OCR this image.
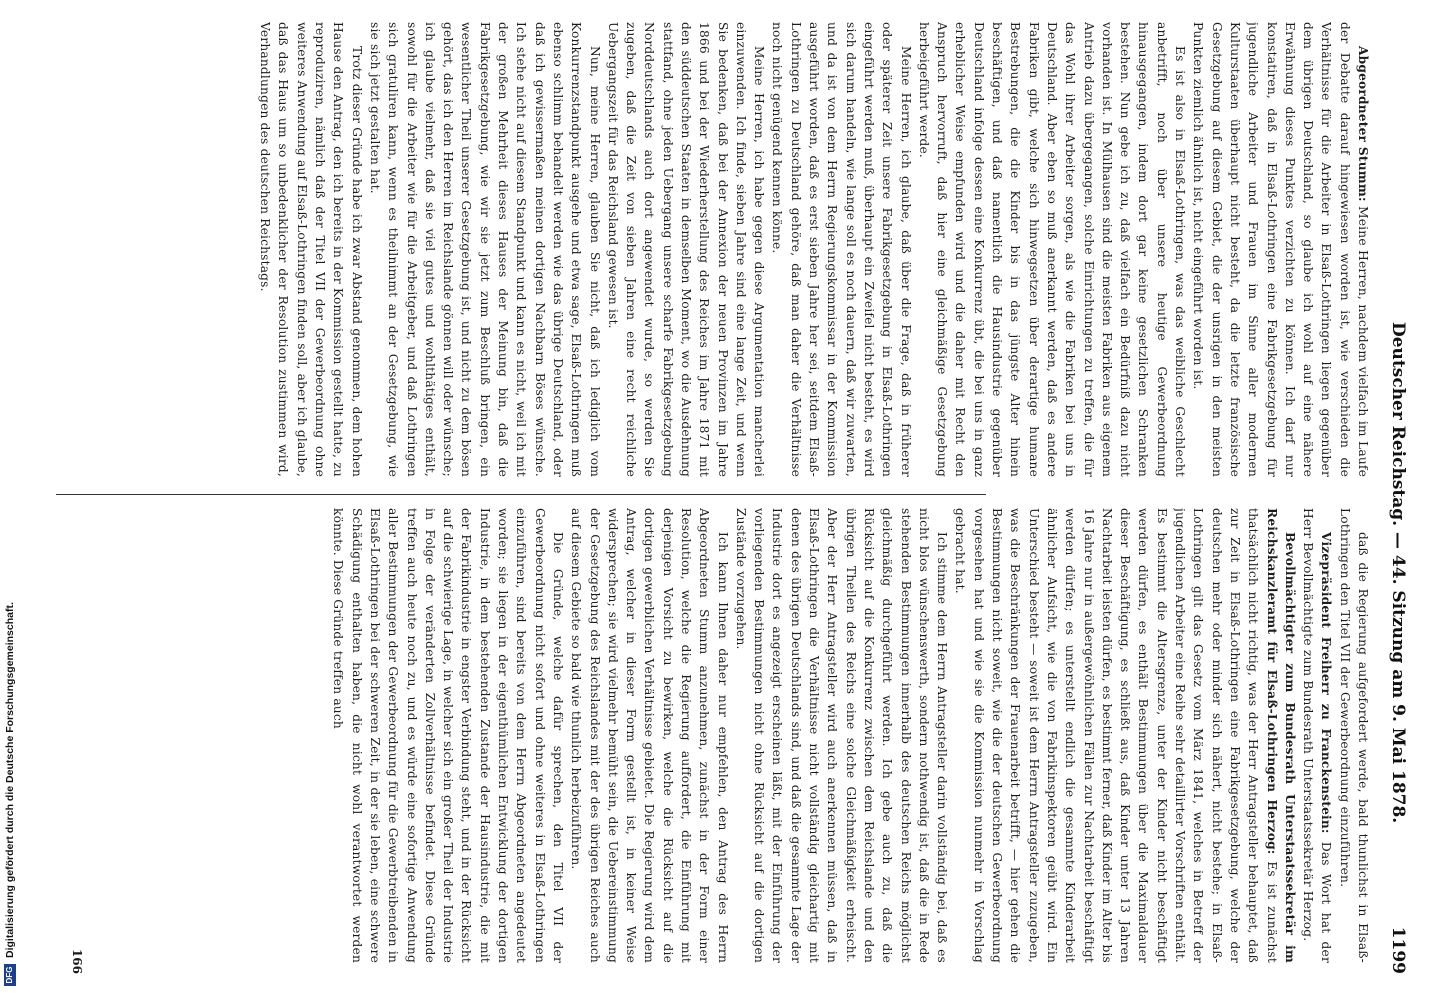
Deutscher Reichstag. — 44. Sitzung am 9. Mai 1878.
1199

Abgeordneter Stumm: Meine Herren, nachdem vielfach im Laufe der Debatte darauf hingewiesen worden ist, wie verschieden die Verhältnisse für die Arbeiter in Elsaß-Lothringen liegen gegenüber dem übrigen Deutschland, so glaube ich wohl auf eine nähere Erwähnung dieses Punktes verzichten zu können. Ich darf nur konstatiren, daß in Elsaß-Lothringen eine Fabrikgesetzgebung für jugendliche Arbeiter und Frauen im Sinne aller modernen Kulturstaaten überhaupt nicht besteht, da die letzte französische Gesetzgebung auf diesem Gebiet, die der unsrigen in den meisten Punkten ziemlich ähnlich ist, nicht eingeführt worden ist.

Es ist also in Elsaß-Lothringen, was das weibliche Geschlecht anbetrifft, noch über unsere heutige Gewerbeordnung hinausgegangen, indem dort gar keine gesetzlichen Schranken bestehen. Nun gebe ich zu, daß vielfach ein Bedürfniß dazu nicht vorhanden ist. In Mülhausen sind die meisten Fabriken aus eigenem Antrieb dazu übergegangen, solche Einrichtungen zu treffen, die für das Wohl ihrer Arbeiter sorgen, als wie die Fabriken bei uns in Deutschland. Aber eben so muß anerkannt werden, daß es andere Fabriken gibt, welche sich hinwegsetzen über derartige humane Bestrebungen, die die Kinder bis in das jüngste Alter hinein beschäftigen, und daß namentlich die Hausindustrie gegenüber Deutschland infolge dessen eine Konkurrenz übt, die bei uns in ganz erheblicher Weise empfunden wird und die daher mit Recht den Anspruch hervorruft, daß hier eine gleichmäßige Gesetzgebung herbeigeführt werde.

Meine Herren, ich glaube, daß über die Frage, daß in früherer oder späterer Zeit unsere Fabrikgesetzgebung in Elsaß-Lothringen eingeführt werden muß, überhaupt ein Zweifel nicht besteht, es wird sich darum handeln, wie lange soll es noch dauern, daß wir zuwarten, und da ist von dem Herrn Regierungskommissar in der Kommission ausgeführt worden, daß es erst sieben Jahre her sei, seitdem Elsaß-Lothringen zu Deutschland gehöre, daß man daher die Verhältnisse noch nicht genügend kennen könne.

Meine Herren, ich habe gegen diese Argumentation mancherlei einzuwenden. Ich finde, sieben Jahre sind eine lange Zeit, und wenn Sie bedenken, daß bei der Annexion der neuen Provinzen im Jahre 1866 und bei der Wiederherstellung des Reiches im Jahre 1871 mit den süddeutschen Staaten in demselben Moment, wo die Ausdehnung stattfand, ohne jeden Uebergang unsere scharfe Fabrikgesetzgebung Norddeutschlands auch dort angewendet wurde, so werden Sie zugeben, daß die Zeit von sieben Jahren eine recht reichliche Uebergangszeit für das Reichsland gewesen ist.

Nun, meine Herren, glauben Sie nicht, daß ich lediglich vom Konkurrenzstandpunkt ausgehe und etwa sage, Elsaß-Lothringen muß ebenso schlimm behandelt werden wie das übrige Deutschland, oder daß ich gewissermaßen meinen dortigen Nachbarn Böses wünsche. Ich stehe nicht auf diesem Standpunkt und kann es nicht, weil ich mit der großen Mehrheit dieses Hauses der Meinung bin, daß die Fabrikgesetzgebung, wie wir sie jetzt zum Beschluß bringen, ein wesentlicher Theil unserer Gesetzgebung ist, und nicht zu dem bösen gehört, das ich den Herren im Reichslande gönnen will oder wünsche; ich glaube vielmehr, daß sie viel gutes und wohlthätiges enthält, sowohl für die Arbeiter wie für die Arbeitgeber, und daß Lothringen sich gratuliren kann, wenn es theilnimmt an der Gesetzgebung, wie sie sich jetzt gestalten hat.

Trotz dieser Gründe habe ich zwar Abstand genommen, dem hohen Hause den Antrag, den ich bereits in der Kommission gestellt hatte, zu reproduziren, nämlich daß der Titel VII der Gewerbeordnung ohne weiteres Anwendung auf Elsaß-Lothringen finden soll, aber ich glaube, daß das Haus um so unbedenklicher der Resolution zustimmen wird, Verhandlungen des deutschen Reichstags.

daß die Regierung aufgefordert werde, bald thunlichst in Elsaß-Lothringen den Titel VII der Gewerbeordnung einzuführen.

Vizepräsident Freiherr zu Franckenstein: Das Wort hat der Herr Bevollmächtigte zum Bundesrath Unterstaatssekretär Herzog.

Bevollmächtigter zum Bundesrath Unterstaatssekretär im Reichskanzleramt für Elsaß-Lothringen Herzog: Es ist zunächst thatsächlich nicht richtig, was der Herr Antragsteller behauptet, daß zur Zeit in Elsaß-Lothringen eine Fabrikgesetzgebung, welche der deutschen mehr oder minder sich nähert, nicht bestehe; in Elsaß-Lothringen gilt das Gesetz vom März 1841, welches in Betreff der jugendlichen Arbeiter eine Reihe sehr detaillirter Vorschriften enthält. Es bestimmt die Altersgrenze, unter der Kinder nicht beschäftigt werden dürfen, es enthält Bestimmungen über die Maximaldauer dieser Beschäftigung, es schließt aus, daß Kinder unter 13 Jahren Nachtarbeit leisten dürfen, es bestimmt ferner, daß Kinder im Alter bis 16 Jahre nur in außergewöhnlichen Fällen zur Nachtarbeit beschäftigt werden dürfen; es unterstellt endlich die gesammte Kinderarbeit ähnlicher Aufsicht, wie die von Fabrikinspektoren geübt wird. Ein Unterschied besteht — soweit ist dem Herrn Antragsteller zuzugeben, was die Beschränkungen der Frauenarbeit betrifft, — hier gehen die Bestimmungen nicht soweit, wie die der deutschen Gewerbeordnung vorgesehen hat und wie sie die Kommission nunmehr in Vorschlag gebracht hat.

Ich stimme dem Herrn Antragsteller darin vollständig bei, daß es nicht blos wünschenswerth, sondern nothwendig ist, daß die in Rede stehenden Bestimmungen innerhalb des deutschen Reichs möglichst gleichmäßig durchgeführt werden. Ich gebe auch zu, daß die Rücksicht auf die Konkurrenz zwischen dem Reichslande und den übrigen Theilen des Reichs eine solche Gleichmäßigkeit erheischt. Aber der Herr Antragsteller wird auch anerkennen müssen, daß in Elsaß-Lothringen die Verhältnisse nicht vollständig gleichartig mit denen des übrigen Deutschlands sind, und daß die gesammte Lage der Industrie dort es angezeigt erscheinen läßt, mit der Einführung der vorliegenden Bestimmungen nicht ohne Rücksicht auf die dortigen Zustände vorzugehen.

Ich kann Ihnen daher nur empfehlen, den Antrag des Herrn Abgeordneten Stumm anzunehmen, zunächst in der Form einer Resolution, welche die Regierung auffordert, die Einführung mit derjenigen Vorsicht zu bewirken, welche die Rücksicht auf die dortigen gewerblichen Verhältnisse gebietet. Die Regierung wird dem Antrag, welcher in dieser Form gestellt ist, in keiner Weise widersprechen; sie wird vielmehr bemüht sein, die Uebereinstimmung der Gesetzgebung des Reichslandes mit der des übrigen Reiches auch auf diesem Gebiete so bald wie thunlich herbeizuführen.

Die Gründe, welche dafür sprechen, den Titel VII der Gewerbeordnung nicht sofort und ohne weiteres in Elsaß-Lothringen einzuführen, sind bereits von dem Herrn Abgeordneten angedeutet worden; sie liegen in der eigenthümlichen Entwicklung der dortigen Industrie, in dem bestehenden Zustande der Hausindustrie, die mit der Fabrikindustrie in engster Verbindung steht, und in der Rücksicht auf die schwierige Lage, in welcher sich ein großer Theil der Industrie in Folge der veränderten Zollverhältnisse befindet. Diese Gründe treffen auch heute noch zu, und es würde eine sofortige Anwendung aller Bestimmungen der Gewerbeordnung für die Gewerbtreibenden in Elsaß-Lothringen bei der schweren Zeit, in der sie leben, eine schwere Schädigung enthalten haben, die nicht wohl verantwortet werden könnte. Diese Gründe treffen auch

166
DFGDigitalisierung gefördert durch die Deutsche Forschungsgemeinschaft.
